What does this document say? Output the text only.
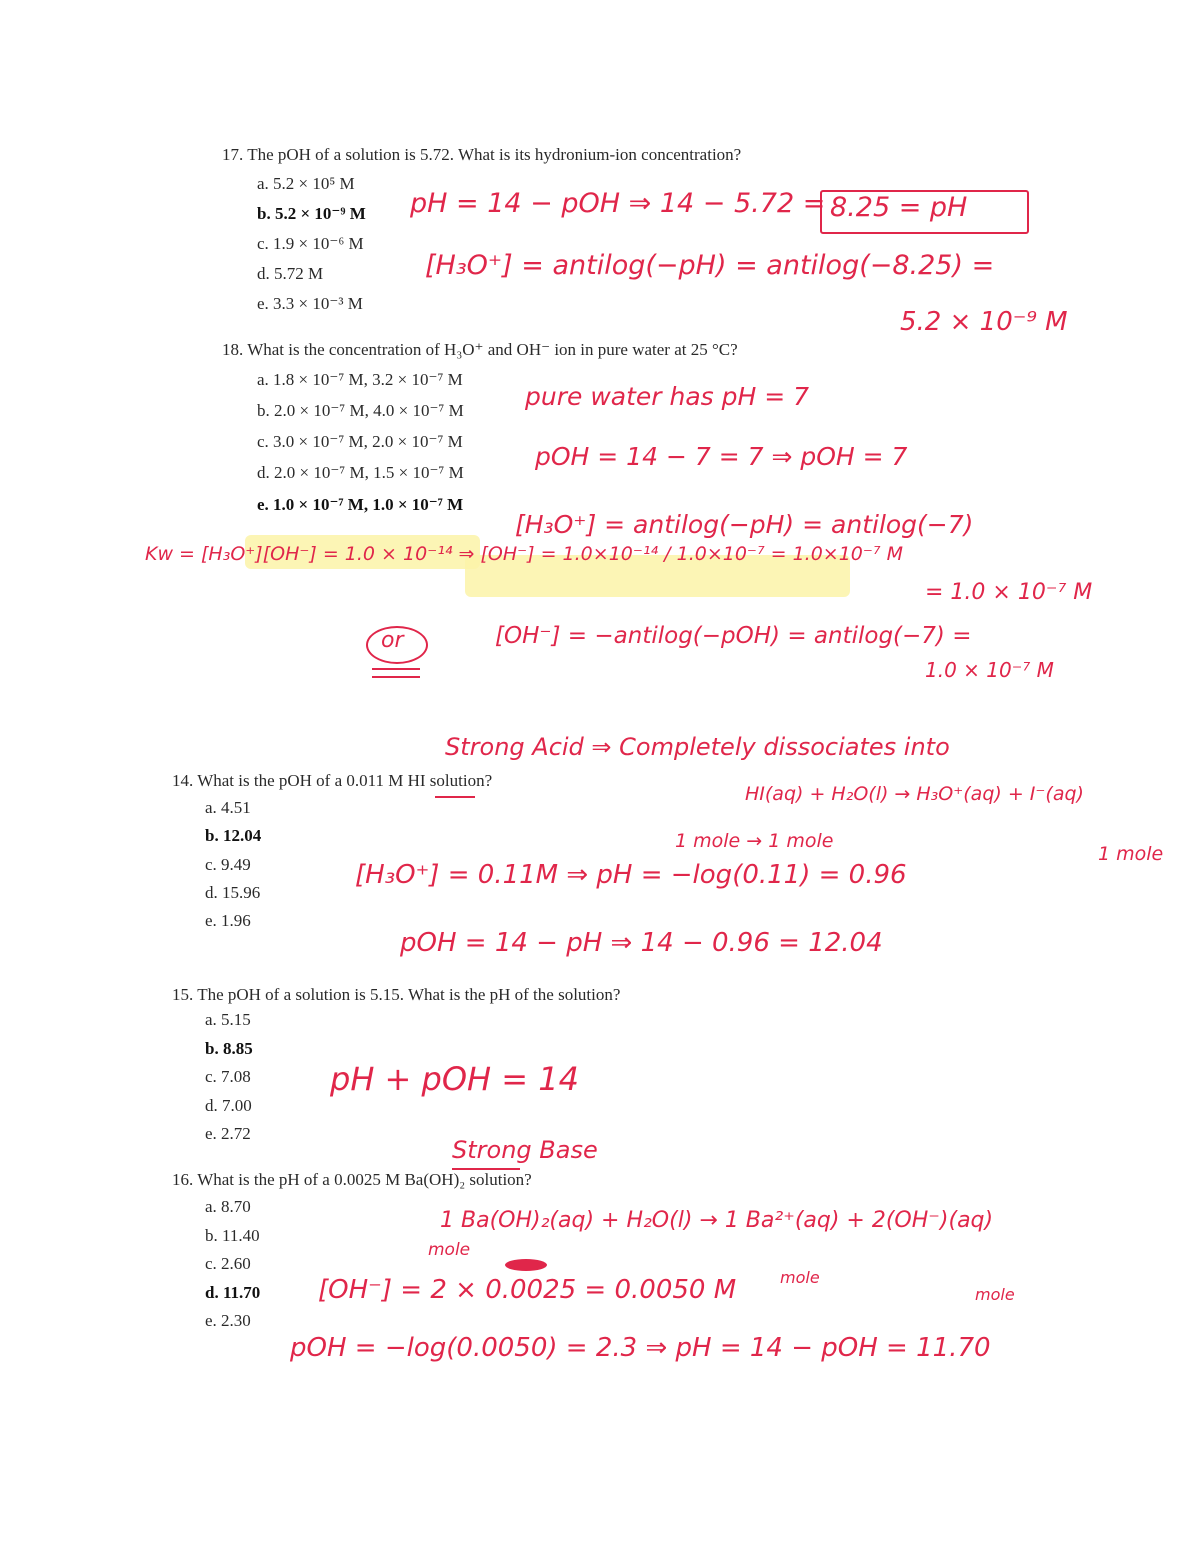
17. The pOH of a solution is 5.72. What is its hydronium-ion concentration?
a. 5.2 × 10⁵ M
b. 5.2 × 10⁻⁹ M
c. 1.9 × 10⁻⁶ M
d. 5.72 M
e. 3.3 × 10⁻³ M
pH = 14 − pOH ⇒ 14 − 5.72 = 8.25 = pH
[H₃O⁺] = antilog(−pH) = antilog(−8.25) =
5.2 × 10⁻⁹ M
18. What is the concentration of H₃O⁺ and OH⁻ ion in pure water at 25 °C?
a. 1.8 × 10⁻⁷ M, 3.2 × 10⁻⁷ M
b. 2.0 × 10⁻⁷ M, 4.0 × 10⁻⁷ M
c. 3.0 × 10⁻⁷ M, 2.0 × 10⁻⁷ M
d. 2.0 × 10⁻⁷ M, 1.5 × 10⁻⁷ M
e. 1.0 × 10⁻⁷ M, 1.0 × 10⁻⁷ M
pure water has pH = 7
pOH = 14 − 7 = 7 ⇒ pOH = 7
[H₃O⁺] = antilog(−pH) = antilog(−7)
= 1.0 × 10⁻⁷ M
Kw = [H₃O⁺][OH⁻] = 1.0 × 10⁻¹⁴ ⇒ [OH⁻] = 1.0×10⁻¹⁴ / 1.0×10⁻⁷ = 1.0×10⁻⁷ M
or	[OH⁻] = −antilog(−pOH) = antilog(−7) =
1.0 × 10⁻⁷ M
Strong Acid ⇒ Completely dissociates into
14. What is the pOH of a 0.011 M HI solution?
a. 4.51
b. 12.04
c. 9.49
d. 15.96
e. 1.96
HI(aq) + H₂O(l) → H₃O⁺(aq) + I⁻(aq)
1 mole → 1 mole
1 mole
[H₃O⁺] = 0.11M ⇒ pH = −log(0.11) = 0.96
pOH = 14 − pH ⇒ 14 − 0.96 = 12.04
15. The pOH of a solution is 5.15. What is the pH of the solution?
a. 5.15
b. 8.85
c. 7.08
d. 7.00
e. 2.72
pH + pOH = 14
Strong Base
16. What is the pH of a 0.0025 M Ba(OH)₂ solution?
a. 8.70
b. 11.40
c. 2.60
d. 11.70
e. 2.30
1 Ba(OH)₂(aq) + H₂O(l) → 1 Ba²⁺(aq) + 2(OH⁻)(aq)
mole
mole
mole
[OH⁻] = 2 × 0.0025 = 0.0050 M
pOH = −log(0.0050) = 2.3 ⇒ pH = 14 − pOH = 11.70
